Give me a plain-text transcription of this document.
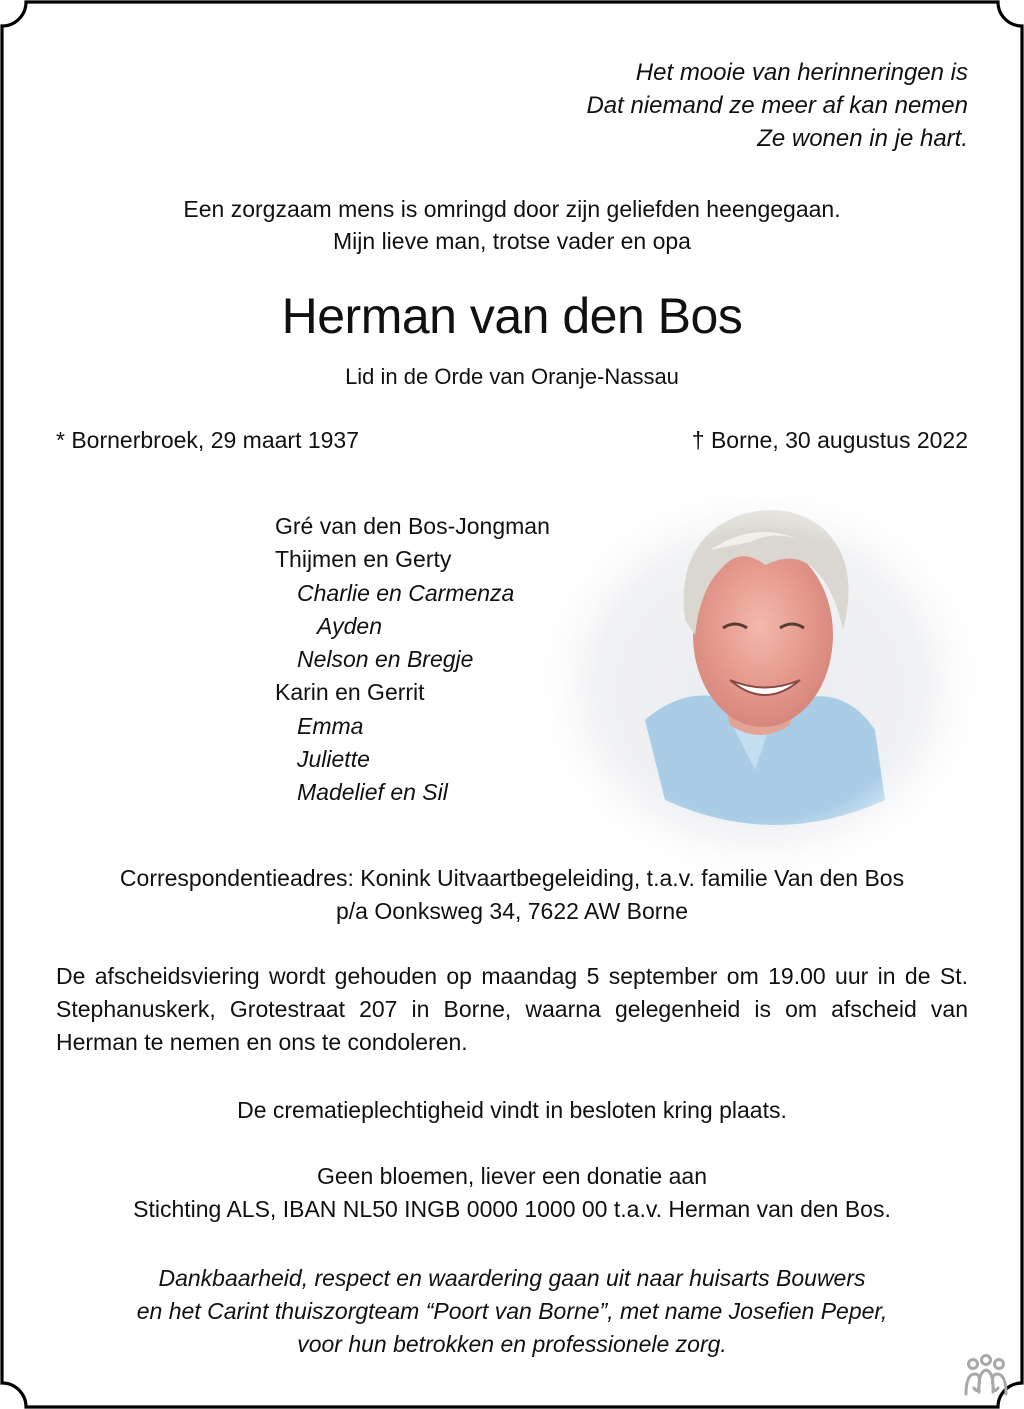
Het mooie van herinneringen is
Dat niemand ze meer af kan nemen
Ze wonen in je hart.
Een zorgzaam mens is omringd door zijn geliefden heengegaan.
Mijn lieve man, trotse vader en opa
Herman van den Bos
Lid in de Orde van Oranje-Nassau
* Bornerbroek, 29 maart 1937	† Borne, 30 augustus 2022
Gré van den Bos-Jongman
Thijmen en Gerty
Charlie en Carmenza
Ayden
Nelson en Bregje
Karin en Gerrit
Emma
Juliette
Madelief en Sil
Correspondentieadres: Konink Uitvaartbegeleiding, t.a.v. familie Van den Bos
p/a Oonksweg 34, 7622 AW Borne
De afscheidsviering wordt gehouden op maandag 5 september om 19.00 uur in de St. Stephanuskerk, Grotestraat 207 in Borne, waarna gelegenheid is om afscheid van Herman te nemen en ons te condoleren.
De crematieplechtigheid vindt in besloten kring plaats.
Geen bloemen, liever een donatie aan
Stichting ALS, IBAN NL50 INGB 0000 1000 00 t.a.v. Herman van den Bos.
Dankbaarheid, respect en waardering gaan uit naar huisarts Bouwers
en het Carint thuiszorgteam “Poort van Borne”, met name Josefien Peper,
voor hun betrokken en professionele zorg.
